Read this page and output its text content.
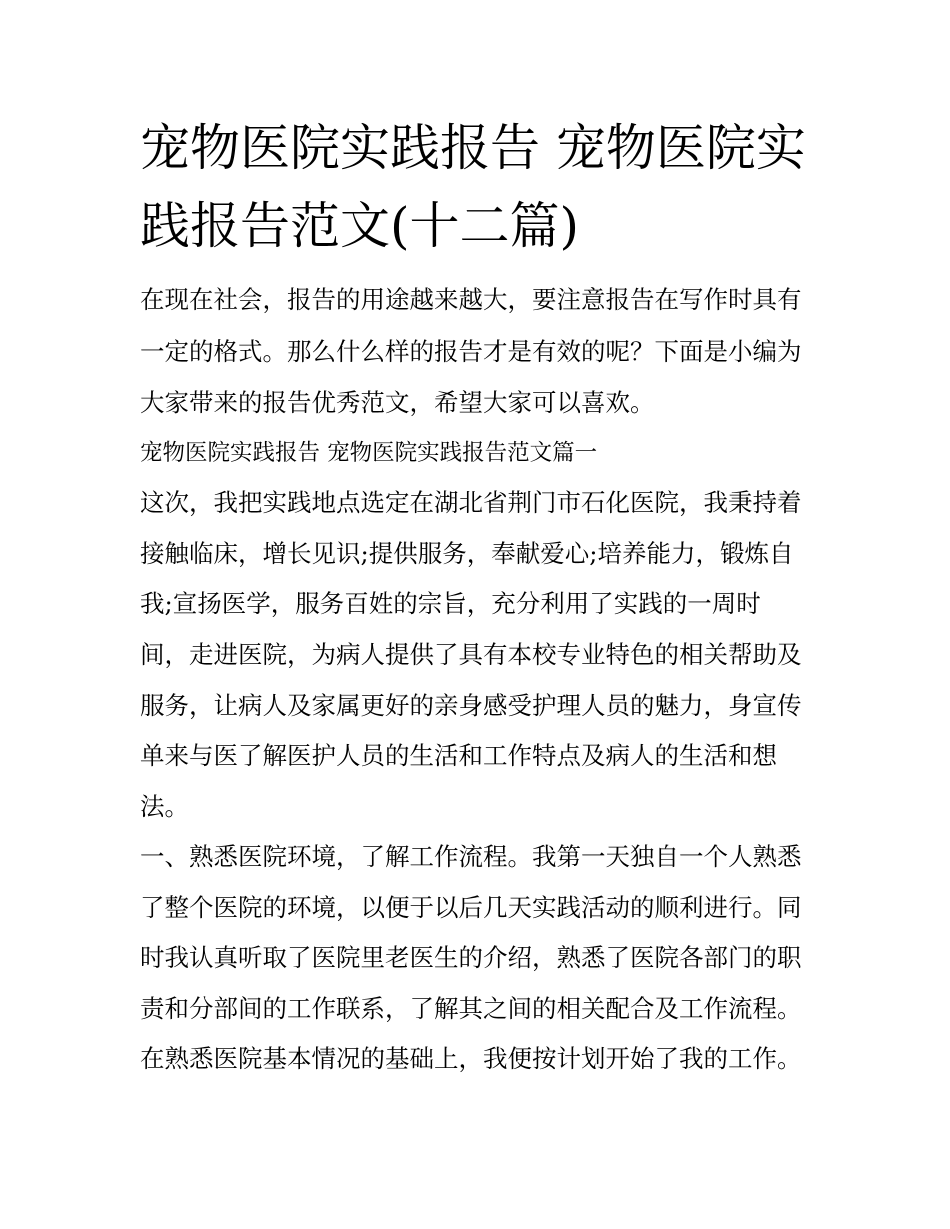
宠物医院实践报告 宠物医院实
践报告范文(十二篇)

在现在社会，报告的用途越来越大，要注意报告在写作时具有

一定的格式。那么什么样的报告才是有效的呢？下面是小编为

大家带来的报告优秀范文，希望大家可以喜欢。

宠物医院实践报告 宠物医院实践报告范文篇一

这次，我把实践地点选定在湖北省荆门市石化医院，我秉持着

接触临床，增长见识;提供服务，奉献爱心;培养能力，锻炼自

我;宣扬医学，服务百姓的宗旨，充分利用了实践的一周时

间，走进医院，为病人提供了具有本校专业特色的相关帮助及

服务，让病人及家属更好的亲身感受护理人员的魅力，身宣传

单来与医了解医护人员的生活和工作特点及病人的生活和想

法。

一、熟悉医院环境，了解工作流程。我第一天独自一个人熟悉

了整个医院的环境，以便于以后几天实践活动的顺利进行。同

时我认真听取了医院里老医生的介绍，熟悉了医院各部门的职

责和分部间的工作联系，了解其之间的相关配合及工作流程。

在熟悉医院基本情况的基础上，我便按计划开始了我的工作。
